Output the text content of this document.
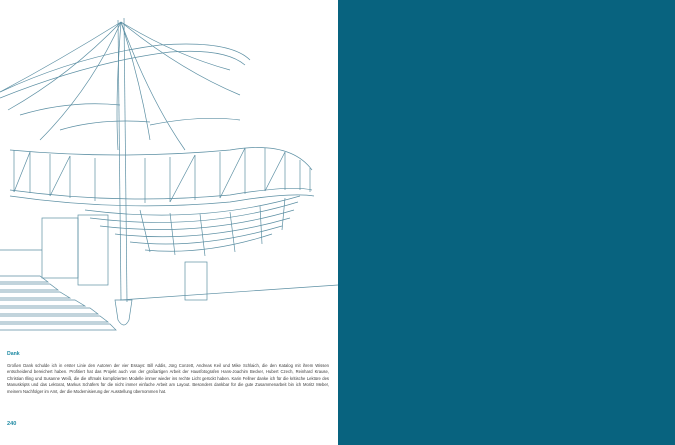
Dank

Großen Dank schulde ich in erster Linie den Autoren der vier Essays: Bill Addis, Jürg Conzett, Andreas Keil und Mike Schlaich, die den Katalog mit ihrem Wissen entscheidend bereichert haben. Profitiert hat das Projekt auch von der großartigen Arbeit der Hausfotografen Hans-Joachim Becker, Hubert Czech, Reinhard Krause, Christian Illing und Susanne Weiß, die die oftmals komplizierten Modelle immer wieder ins rechte Licht gerückt haben. Karin Fellner danke ich für die kritische Lektüre des Manuskripts und das Lektorat, Markus Schäfers für die nicht immer einfache Arbeit am Layout. Besonders dankbar für die gute Zusammenarbeit bin ich Moritz Meber, meinem Nachfolger im Amt, der die Modernisierung der Ausstellung übernommen hat.

240
